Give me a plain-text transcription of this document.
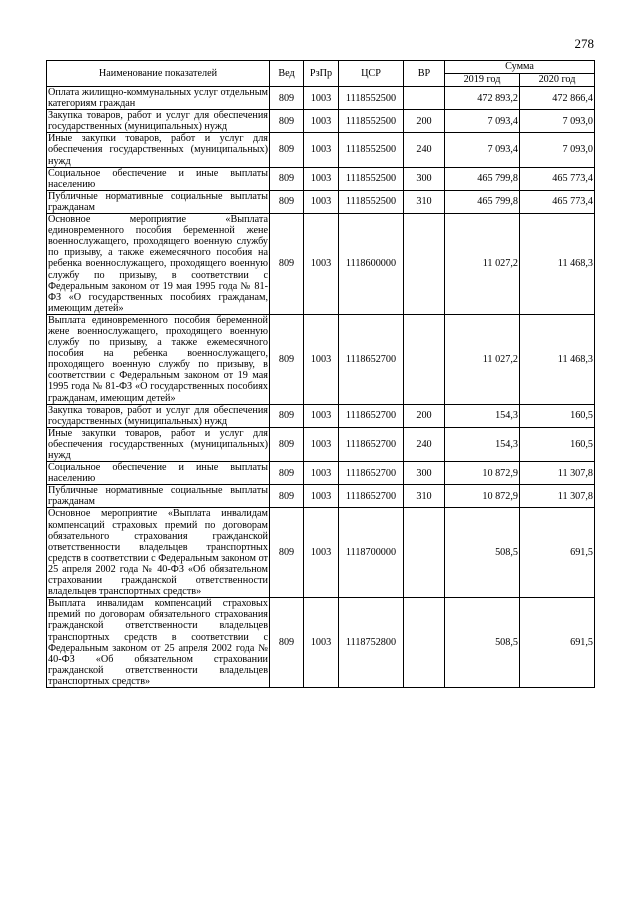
278
Наименование показателей	Вед	РзПр	ЦСР	ВР	Сумма	
					2019 год	2020 год
Оплата жилищно-коммунальных услуг отдельным категориям граждан	809	1003	1118552500		472 893,2	472 866,4
Закупка товаров, работ и услуг для обеспечения государственных (муниципальных) нужд	809	1003	1118552500	200	7 093,4	7 093,0
Иные закупки товаров, работ и услуг для обеспечения государственных (муниципальных) нужд	809	1003	1118552500	240	7 093,4	7 093,0
Социальное обеспечение и иные выплаты населению	809	1003	1118552500	300	465 799,8	465 773,4
Публичные нормативные социальные выплаты гражданам	809	1003	1118552500	310	465 799,8	465 773,4
Основное мероприятие «Выплата единовременного пособия беременной жене военнослужащего, проходящего военную службу по призыву, а также ежемесячного пособия на ребенка военнослужащего, проходящего военную службу по призыву, в соответствии с Федеральным законом от 19 мая 1995 года № 81-ФЗ «О государственных пособиях гражданам, имеющим детей»	809	1003	1118600000		11 027,2	11 468,3
Выплата единовременного пособия беременной жене военнослужащего, проходящего военную службу по призыву, а также ежемесячного пособия на ребенка военнослужащего, проходящего военную службу по призыву, в соответствии с Федеральным законом от 19 мая 1995 года № 81-ФЗ «О государственных пособиях гражданам, имеющим детей»	809	1003	1118652700		11 027,2	11 468,3
Закупка товаров, работ и услуг для обеспечения государственных (муниципальных) нужд	809	1003	1118652700	200	154,3	160,5
Иные закупки товаров, работ и услуг для обеспечения государственных (муниципальных) нужд	809	1003	1118652700	240	154,3	160,5
Социальное обеспечение и иные выплаты населению	809	1003	1118652700	300	10 872,9	11 307,8
Публичные нормативные социальные выплаты гражданам	809	1003	1118652700	310	10 872,9	11 307,8
Основное мероприятие «Выплата инвалидам компенсаций страховых премий по договорам обязательного страхования гражданской ответственности владельцев транспортных средств в соответствии с Федеральным законом от 25 апреля 2002 года № 40-ФЗ «Об обязательном страховании гражданской ответственности владельцев транспортных средств»	809	1003	1118700000		508,5	691,5
Выплата инвалидам компенсаций страховых премий по договорам обязательного страхования гражданской ответственности владельцев транспортных средств в соответствии с Федеральным законом от 25 апреля 2002 года № 40-ФЗ «Об обязательном страховании гражданской ответственности владельцев транспортных средств»	809	1003	1118752800		508,5	691,5
